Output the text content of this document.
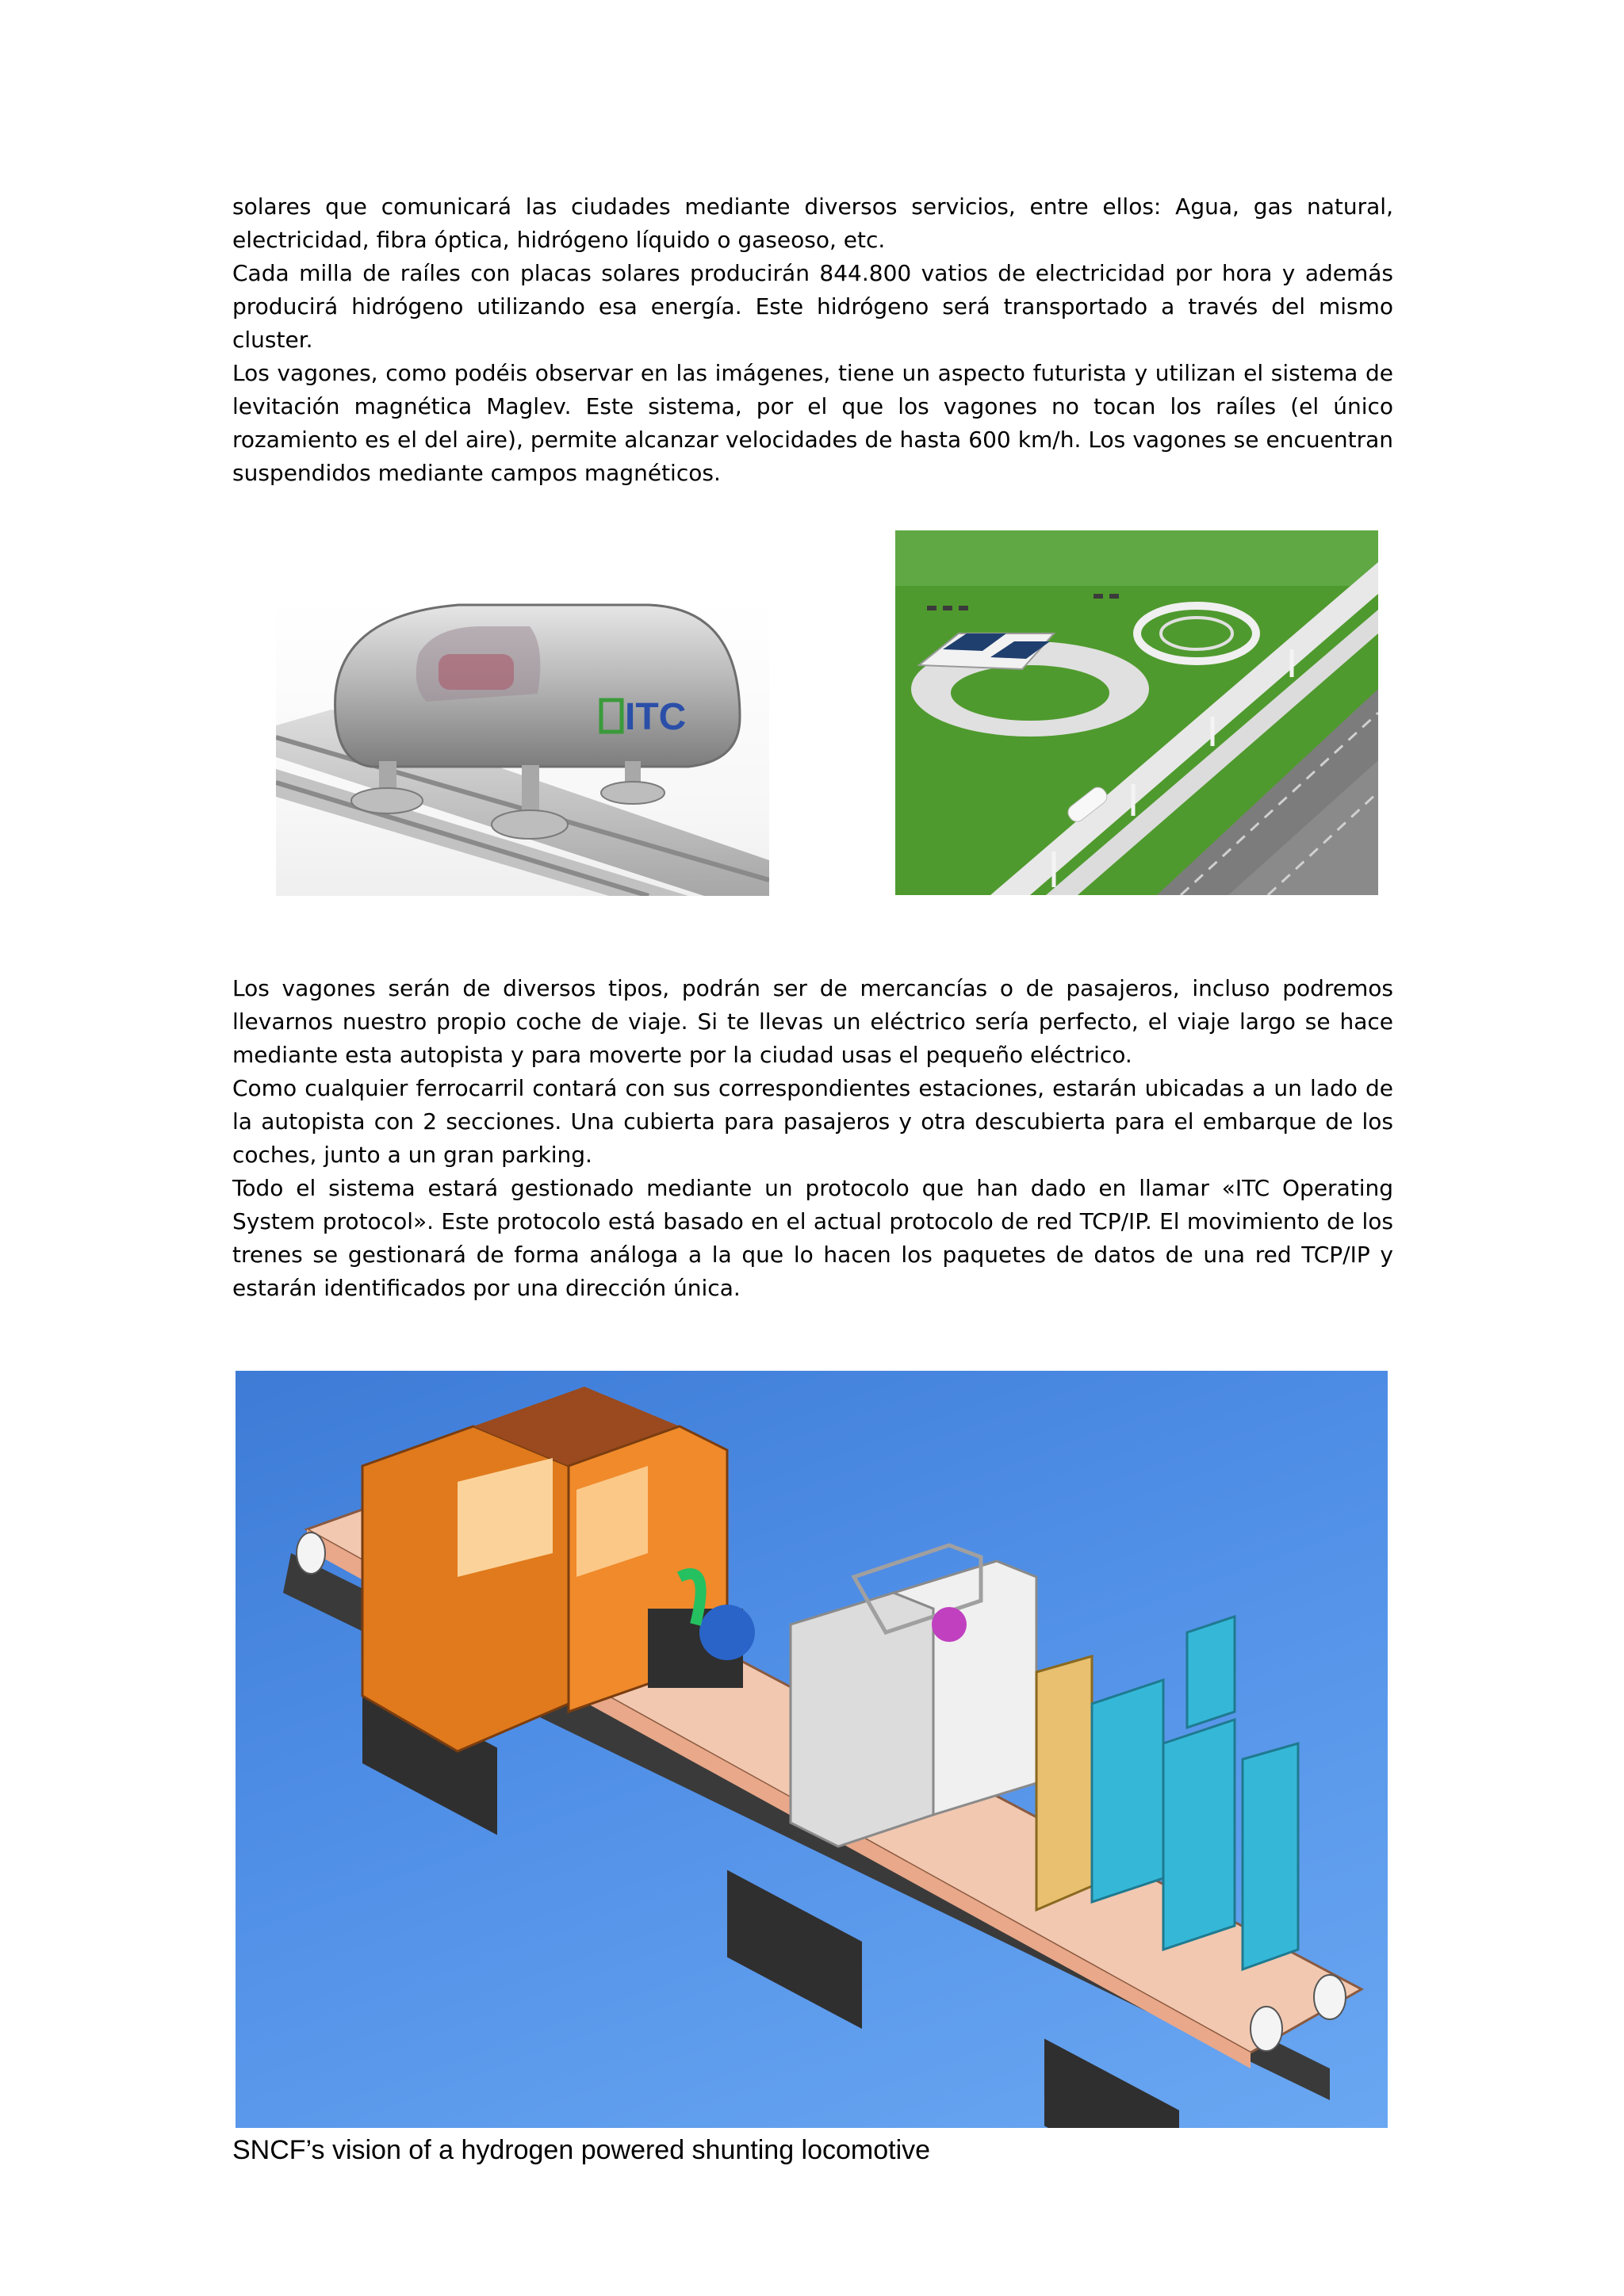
solares que comunicará las ciudades mediante diversos servicios, entre ellos: Agua, gas natural, electricidad, fibra óptica, hidrógeno líquido o gaseoso, etc.

Cada milla de raíles con placas solares producirán 844.800 vatios de electricidad por hora y además producirá hidrógeno utilizando esa energía. Este hidrógeno será transportado a través del mismo cluster.

Los vagones, como podéis observar en las imágenes, tiene un aspecto futurista y utilizan el sistema de levitación magnética Maglev. Este sistema, por el que los vagones no tocan los raíles (el único rozamiento es el del aire), permite alcanzar velocidades de hasta 600 km/h. Los vagones se encuentran suspendidos mediante campos magnéticos.

ITC

Los vagones serán de diversos tipos, podrán ser de mercancías o de pasajeros, incluso podremos llevarnos nuestro propio coche de viaje. Si te llevas un eléctrico sería perfecto, el viaje largo se hace mediante esta autopista y para moverte por la ciudad usas el pequeño eléctrico.

Como cualquier ferrocarril contará con sus correspondientes estaciones, estarán ubicadas a un lado de la autopista con 2 secciones. Una cubierta para pasajeros y otra descubierta para el embarque de los coches, junto a un gran parking.

Todo el sistema estará gestionado mediante un protocolo que han dado en llamar «ITC Operating System protocol». Este protocolo está basado en el actual protocolo de red TCP/IP. El movimiento de los trenes se gestionará de forma análoga a la que lo hacen los paquetes de datos de una red TCP/IP y estarán identificados por una dirección única.

SNCF’s vision of a hydrogen powered shunting locomotive
